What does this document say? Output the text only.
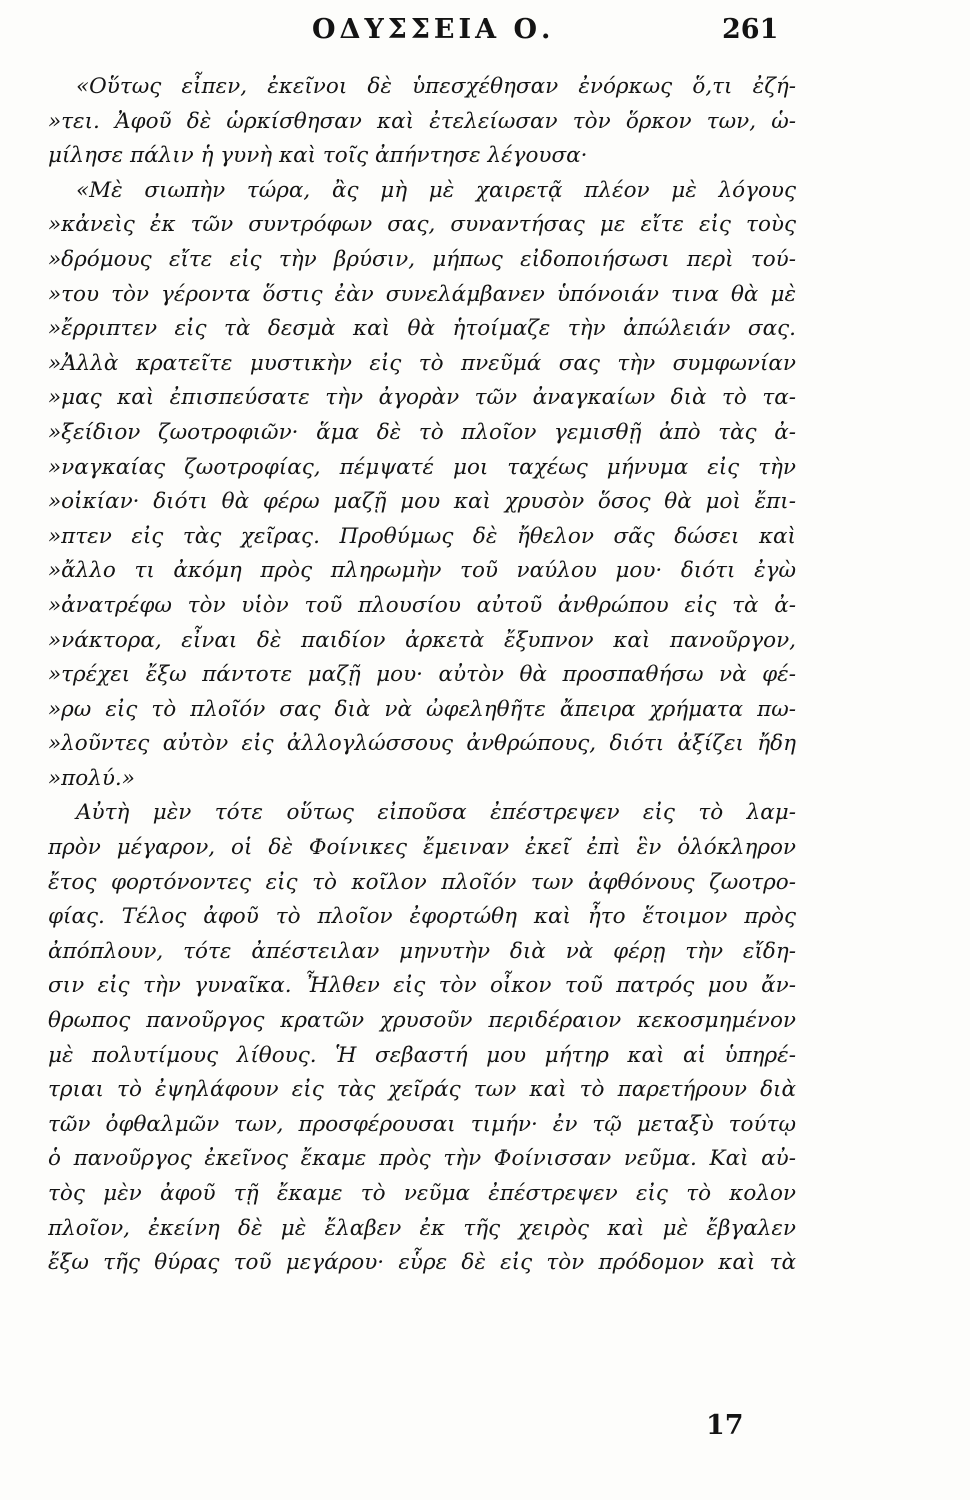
ΟΔΥΣΣΕΙΑ Ο.	261
«Οὕτως εἶπεν, ἐκεῖνοι δὲ ὑπεσχέθησαν ἐνόρκως ὅ,τι ἐζή-
»τει. Ἀφοῦ δὲ ὡρκίσθησαν καὶ ἐτελείωσαν τὸν ὅρκον των, ὡ-
μίλησε πάλιν ἡ γυνὴ καὶ τοῖς ἀπήντησε λέγουσα·
«Μὲ σιωπὴν τώρα, ἂς μὴ μὲ χαιρετᾷ πλέον μὲ λόγους
»κἀνεὶς ἐκ τῶν συντρόφων σας, συναντήσας με εἴτε εἰς τοὺς
»δρόμους εἴτε εἰς τὴν βρύσιν, μήπως εἰδοποιήσωσι περὶ τού-
»του τὸν γέροντα ὅστις ἐὰν συνελάμβανεν ὑπόνοιάν τινα θὰ μὲ
»ἔρριπτεν εἰς τὰ δεσμὰ καὶ θὰ ἡτοίμαζε τὴν ἀπώλειάν σας.
»Ἀλλὰ κρατεῖτε μυστικὴν εἰς τὸ πνεῦμά σας τὴν συμφωνίαν
»μας καὶ ἐπισπεύσατε τὴν ἀγορὰν τῶν ἀναγκαίων διὰ τὸ τα-
»ξείδιον ζωοτροφιῶν· ἅμα δὲ τὸ πλοῖον γεμισθῇ ἀπὸ τὰς ἀ-
»ναγκαίας ζωοτροφίας, πέμψατέ μοι ταχέως μήνυμα εἰς τὴν
»οἰκίαν· διότι θὰ φέρω μαζῇ μου καὶ χρυσὸν ὅσος θὰ μοὶ ἔπι-
»πτεν εἰς τὰς χεῖρας. Προθύμως δὲ ἤθελον σᾶς δώσει καὶ
»ἄλλο τι ἀκόμη πρὸς πληρωμὴν τοῦ ναύλου μου· διότι ἐγὼ
»ἀνατρέφω τὸν υἱὸν τοῦ πλουσίου αὐτοῦ ἀνθρώπου εἰς τὰ ἀ-
»νάκτορα, εἶναι δὲ παιδίον ἀρκετὰ ἔξυπνον καὶ πανοῦργον,
»τρέχει ἔξω πάντοτε μαζῇ μου· αὐτὸν θὰ προσπαθήσω νὰ φέ-
»ρω εἰς τὸ πλοῖόν σας διὰ νὰ ὠφεληθῆτε ἄπειρα χρήματα πω-
»λοῦντες αὐτὸν εἰς ἀλλογλώσσους ἀνθρώπους, διότι ἀξίζει ἤδη
»πολύ.»
Αὐτὴ μὲν τότε οὕτως εἰποῦσα ἐπέστρεψεν εἰς τὸ λαμ-
πρὸν μέγαρον, οἱ δὲ Φοίνικες ἔμειναν ἐκεῖ ἐπὶ ἓν ὁλόκληρον
ἔτος φορτόνοντες εἰς τὸ κοῖλον πλοῖόν των ἀφθόνους ζωοτρο-
φίας. Τέλος ἀφοῦ τὸ πλοῖον ἐφορτώθη καὶ ἦτο ἕτοιμον πρὸς
ἀπόπλουν, τότε ἀπέστειλαν μηνυτὴν διὰ νὰ φέρῃ τὴν εἴδη-
σιν εἰς τὴν γυναῖκα. Ἦλθεν εἰς τὸν οἶκον τοῦ πατρός μου ἄν-
θρωπος πανοῦργος κρατῶν χρυσοῦν περιδέραιον κεκοσμημένον
μὲ πολυτίμους λίθους. Ἡ σεβαστή μου μήτηρ καὶ αἱ ὑπηρέ-
τριαι τὸ ἐψηλάφουν εἰς τὰς χεῖράς των καὶ τὸ παρετήρουν διὰ
τῶν ὀφθαλμῶν των, προσφέρουσαι τιμήν· ἐν τῷ μεταξὺ τούτῳ
ὁ πανοῦργος ἐκεῖνος ἔκαμε πρὸς τὴν Φοίνισσαν νεῦμα. Καὶ αὐ-
τὸς μὲν ἀφοῦ τῇ ἔκαμε τὸ νεῦμα ἐπέστρεψεν εἰς τὸ κολον
πλοῖον, ἐκείνη δὲ μὲ ἔλαβεν ἐκ τῆς χειρὸς καὶ μὲ ἔβγαλεν
ἔξω τῆς θύρας τοῦ μεγάρου· εὗρε δὲ εἰς τὸν πρόδομον καὶ τὰ
17
